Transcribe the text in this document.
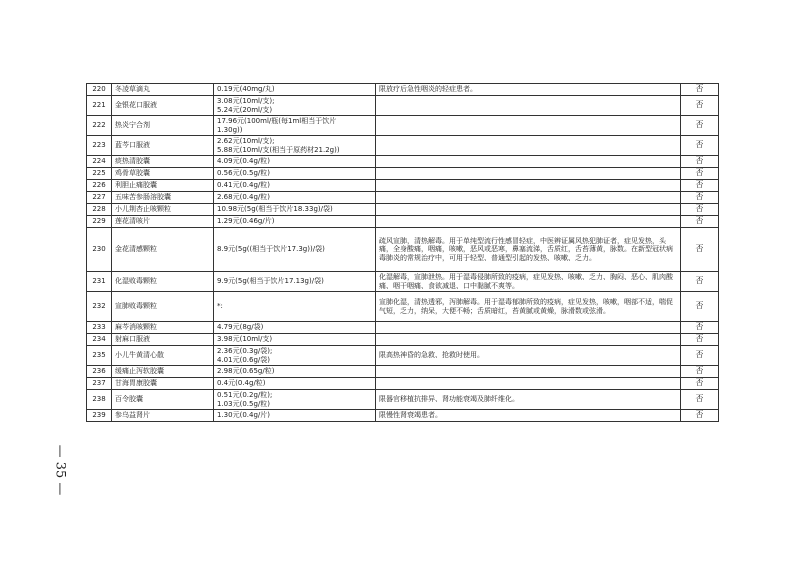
220	冬凌草滴丸	0.19元(40mg/丸)	限放疗后急性咽炎的轻症患者。	否
221	金银花口服液	3.08元(10ml/支);
5.24元(20ml/支)		否
222	热炎宁合剂	17.96元(100ml/瓶(每1ml相当于饮片
1.30g))		否
223	蓝芩口服液	2.62元(10ml/支);
5.88元(10ml/支(相当于原药材21.2g))		否
224	痰热清胶囊	4.09元(0.4g/粒)		否
225	鸡骨草胶囊	0.56元(0.5g/粒)		否
226	利胆止痛胶囊	0.41元(0.4g/粒)		否
227	五味苦参肠溶胶囊	2.68元(0.4g/粒)		否
228	小儿荆杏止咳颗粒	10.98元(5g(相当于饮片18.33g)/袋)		否
229	莲花清咳片	1.29元(0.46g/片)		否
230	金花清感颗粒	8.9元(5g((相当于饮片17.3g))/袋)	疏风宣肺，清热解毒。用于单纯型流行性感冒轻症，中医辨证属风热犯肺证者，症见发热，头痛，全身酸痛，咽痛，咳嗽，恶风或恶寒，鼻塞流涕，舌质红，舌苔薄黄，脉数。在新型冠状病毒肺炎的常规治疗中，可用于轻型、普通型引起的发热、咳嗽、乏力。	否
231	化湿败毒颗粒	9.9元(5g(相当于饮片17.13g)/袋)	化湿解毒，宣肺泄热。用于湿毒侵肺所致的疫病，症见发热、咳嗽、乏力、胸闷、恶心、肌肉酸痛、咽干咽痛、食欲减退、口中黏腻不爽等。	否
232	宣肺败毒颗粒	*:	宣肺化湿，清热透邪，泻肺解毒。用于湿毒郁肺所致的疫病，症见发热，咳嗽，咽部不适，喘促气短，乏力，纳呆，大便不畅；舌质暗红，苔黄腻或黄燥，脉滑数或弦滑。	否
233	麻芩消咳颗粒	4.79元(8g/袋)		否
234	射麻口服液	3.98元(10ml/支)		否
235	小儿牛黄清心散	2.36元(0.3g/袋);
4.01元(0.6g/袋)	限高热神昏的急救、抢救时使用。	否
236	缓痛止泻软胶囊	2.98元(0.65g/粒)		否
237	甘海胃康胶囊	0.4元(0.4g/粒)		否
238	百令胶囊	0.51元(0.2g/粒);
1.03元(0.5g/粒)	限器官移植抗排异、肾功能衰竭及肺纤维化。	否
239	参乌益肾片	1.30元(0.4g/片)	限慢性肾衰竭患者。	否
— 35 —
